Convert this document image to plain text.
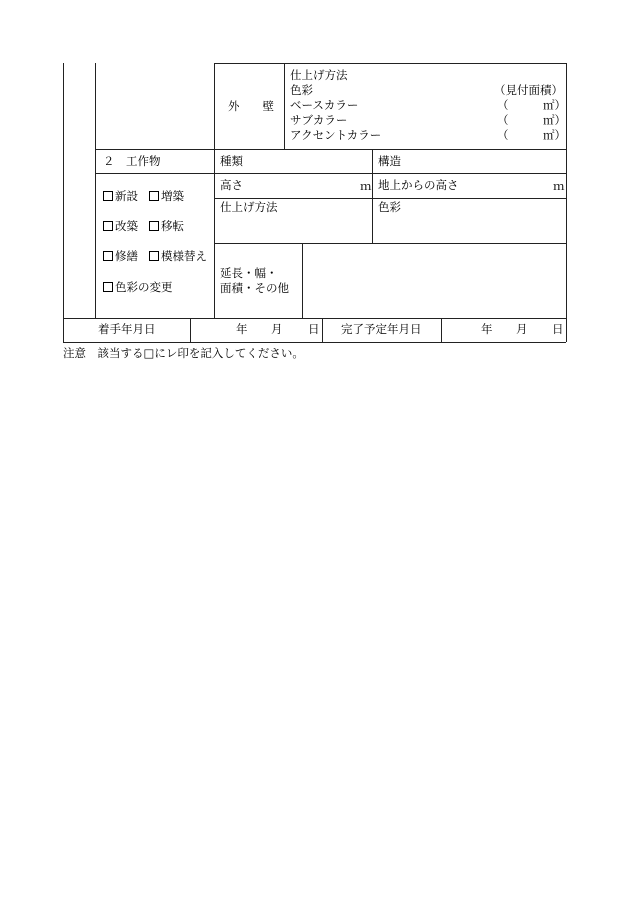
外　　壁
仕上げ方法
色彩	（見付面積）
ベースカラー	（　　　㎡）
サブカラー	（　　　㎡）
アクセントカラー	（　　　㎡）
２　工作物	種類	構造
高さ	ｍ 地上からの高さ	ｍ
仕上げ方法	色彩
延長・幅・
面積・その他
新設	増築
改築	移転
修繕	模様替え
色彩の変更
着手年月日	年 月 日 完了予定年月日	年 月 日
注意　該当する□にレ印を記入してください。
